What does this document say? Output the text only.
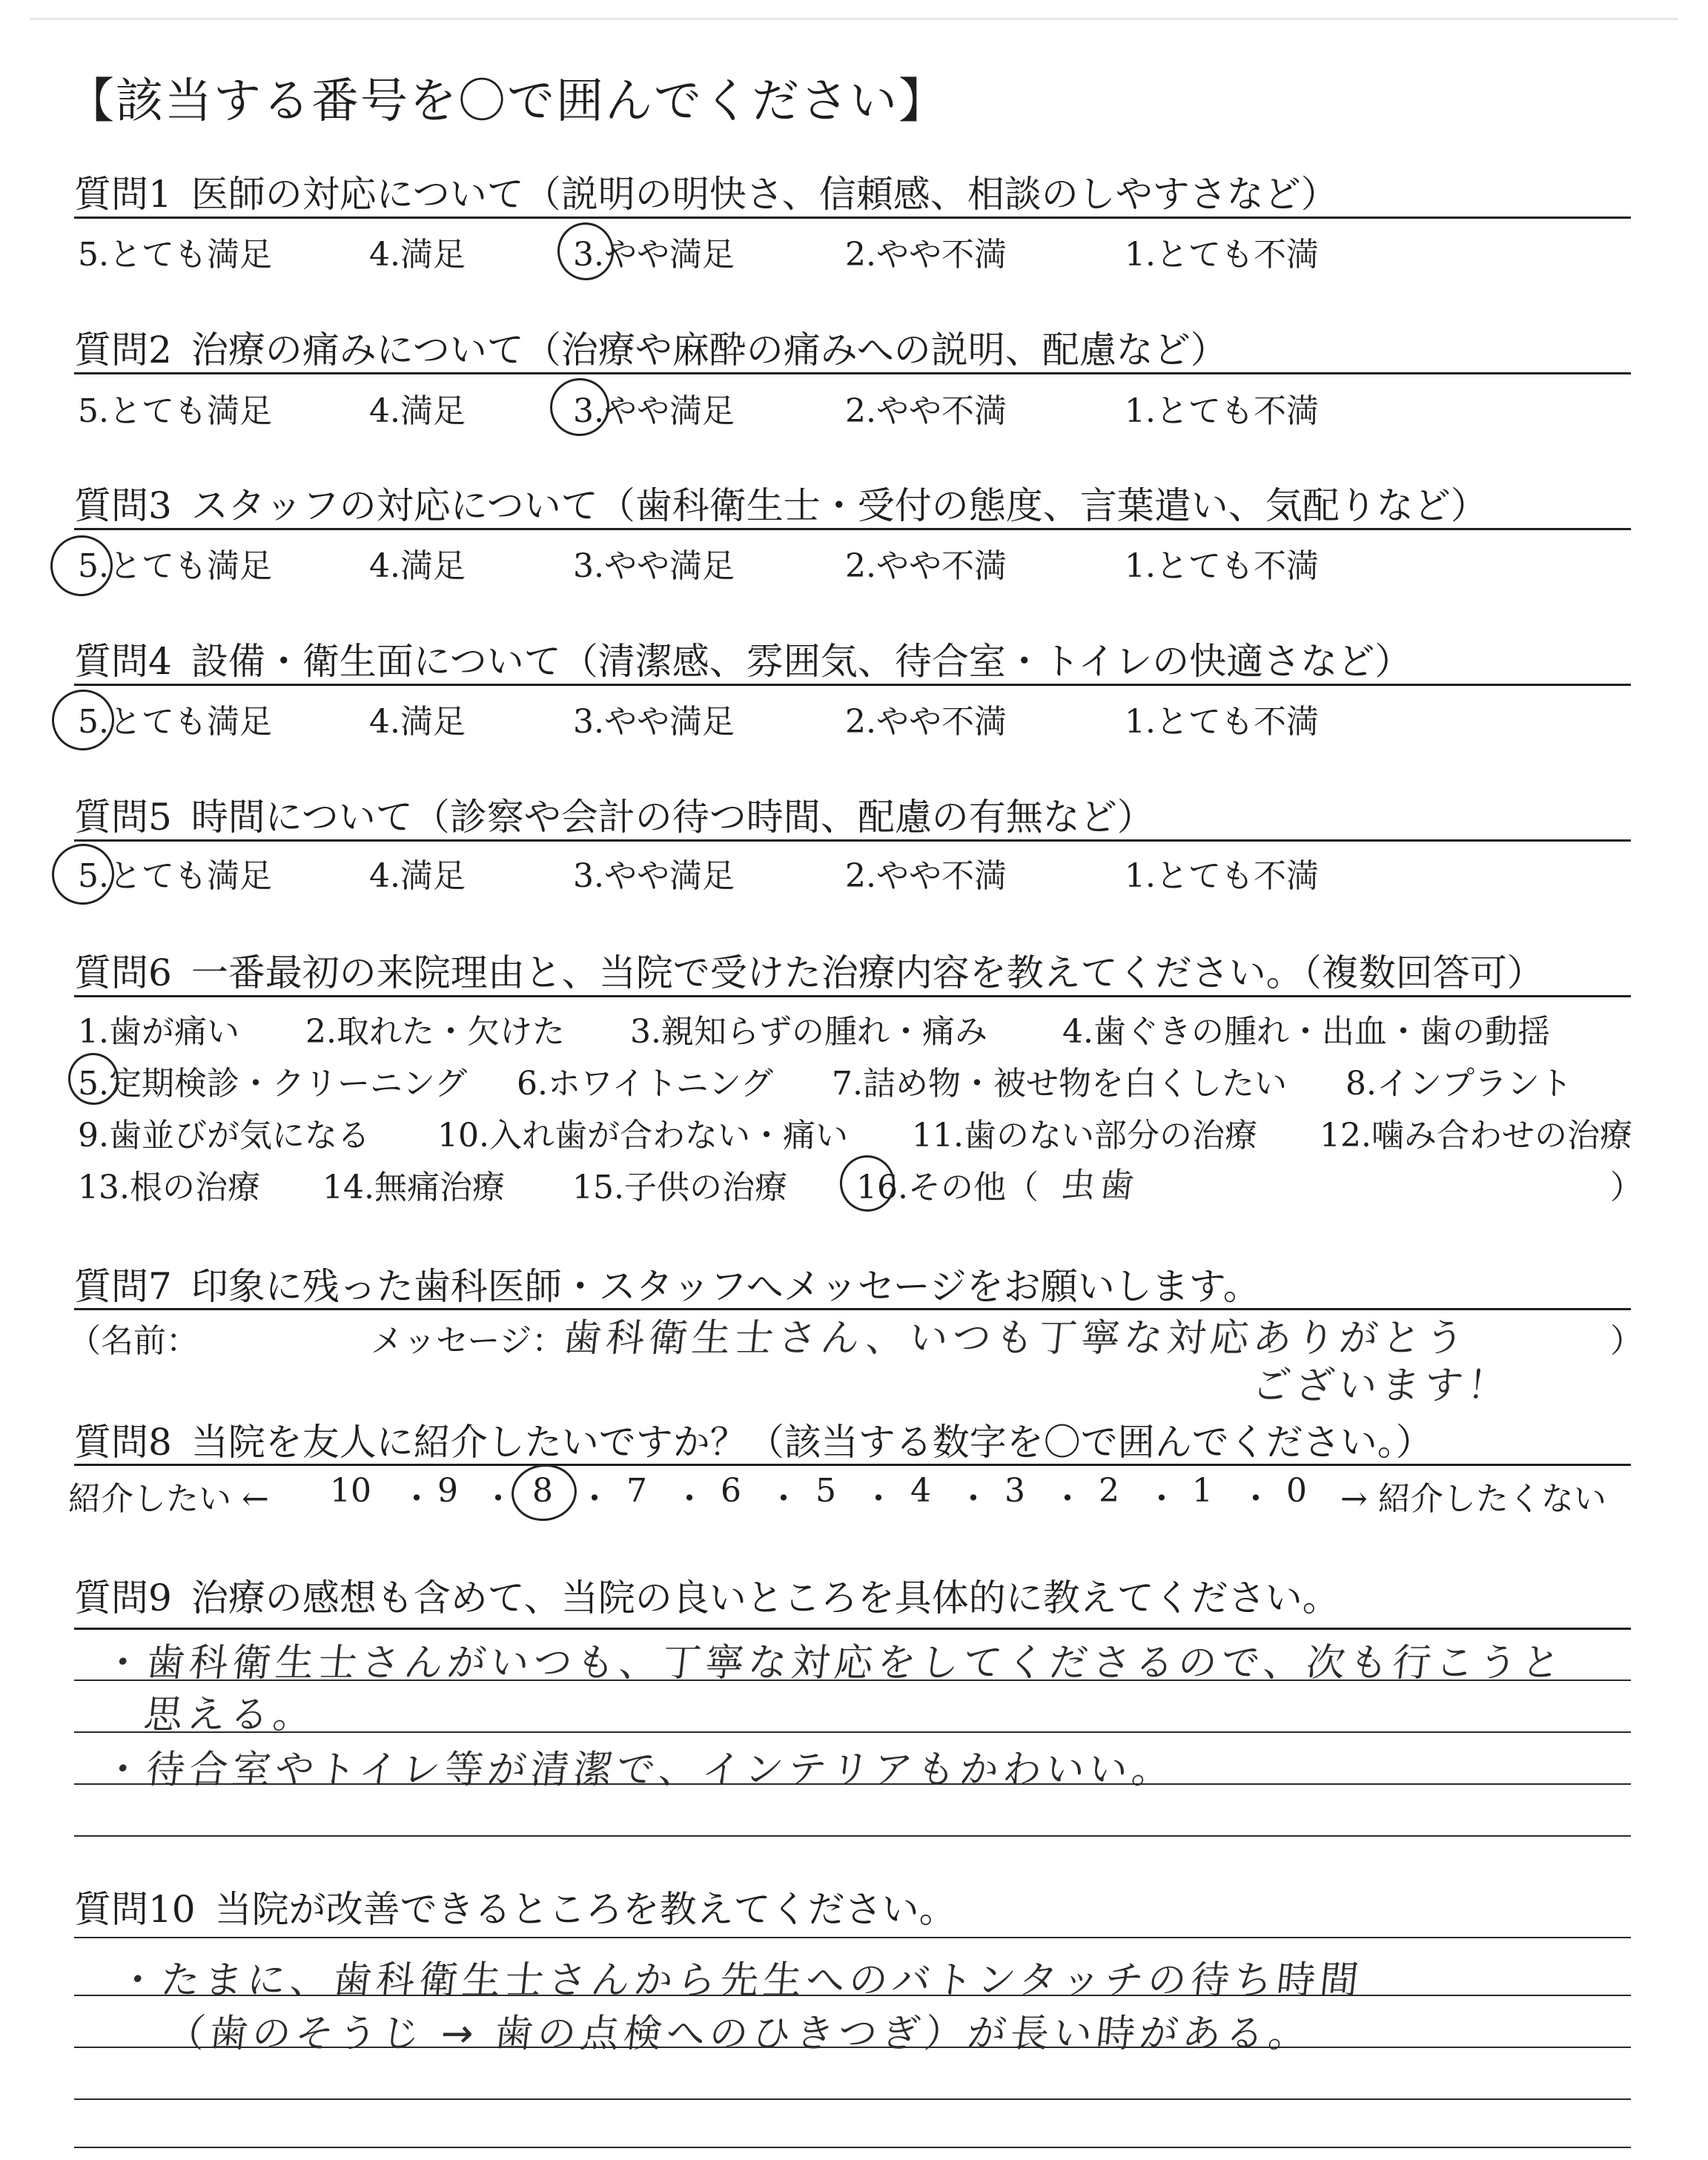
【該当する番号を〇で囲んでください】
質問1 医師の対応について（説明の明快さ、信頼感、相談のしやすさなど）
5.とても満足	4.満足	3.やや満足	2.やや不満	1.とても不満
質問2 治療の痛みについて（治療や麻酔の痛みへの説明、配慮など）
5.とても満足	4.満足	3.やや満足	2.やや不満	1.とても不満
質問3 スタッフの対応について（歯科衛生士・受付の態度、言葉遣い、気配りなど）
5.とても満足	4.満足	3.やや満足	2.やや不満	1.とても不満
質問4 設備・衛生面について（清潔感、雰囲気、待合室・トイレの快適さなど）
5.とても満足	4.満足	3.やや満足	2.やや不満	1.とても不満
質問5 時間について（診察や会計の待つ時間、配慮の有無など）
5.とても満足	4.満足	3.やや満足	2.やや不満	1.とても不満
質問6 一番最初の来院理由と、当院で受けた治療内容を教えてください。（複数回答可）
1.歯が痛い 2.取れた・欠けた 3.親知らずの腫れ・痛み 4.歯ぐきの腫れ・出血・歯の動揺
5.定期検診・クリーニング 6.ホワイトニング 7.詰め物・被せ物を白くしたい 8.インプラント
9.歯並びが気になる 10.入れ歯が合わない・痛い 11.歯のない部分の治療 12.噛み合わせの治療
13.根の治療 14.無痛治療 15.子供の治療 16.その他（ 虫歯	）
質問7 印象に残った歯科医師・スタッフへメッセージをお願いします。
（名前：	メッセージ：
歯科衛生士さん、いつも丁寧な対応ありがとう
ございます！
）
質問8 当院を友人に紹介したいですか？（該当する数字を〇で囲んでください。）
紹介したい ← 10 ・ 9 ・ 8 ・ 7 ・ 6 ・ 5 ・ 4 ・ 3 ・ 2 ・ 1 ・ 0 → 紹介したくない
質問9 治療の感想も含めて、当院の良いところを具体的に教えてください。
・歯科衛生士さんがいつも、丁寧な対応をしてくださるので、次も行こうと
思える。
・待合室やトイレ等が清潔で、インテリアもかわいい。
質問10 当院が改善できるところを教えてください。
・たまに、歯科衛生士さんから先生へのバトンタッチの待ち時間
（歯のそうじ → 歯の点検へのひきつぎ）が長い時がある。
